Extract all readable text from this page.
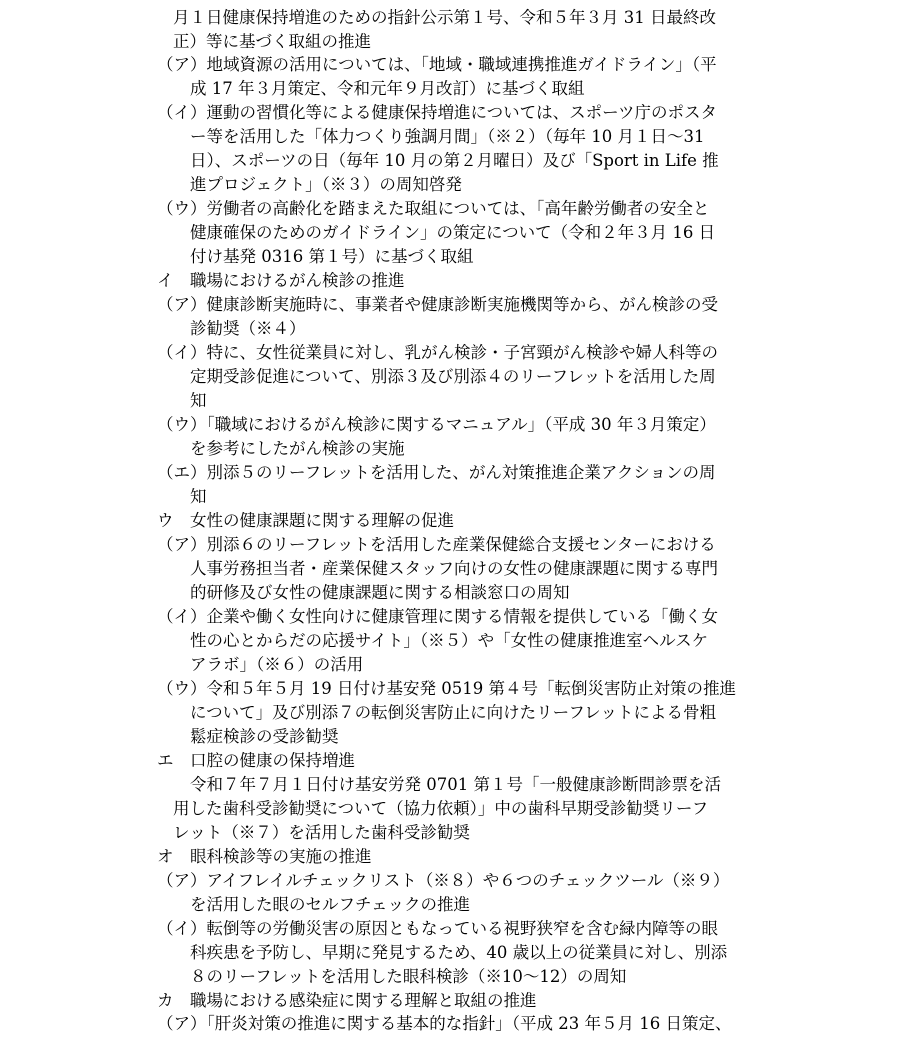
月１日健康保持増進のための指針公示第１号、令和５年３月 31 日最終改
正）等に基づく取組の推進
（ア）地域資源の活用については、「地域・職域連携推進ガイドライン」（平
成 17 年３月策定、令和元年９月改訂）に基づく取組
（イ）運動の習慣化等による健康保持増進については、スポーツ庁のポスタ
ー等を活用した「体力つくり強調月間」（※２）（毎年 10 月１日～31
日）、スポーツの日（毎年 10 月の第２月曜日）及び「Sport in Life 推
進プロジェクト」（※３）の周知啓発
（ウ）労働者の高齢化を踏まえた取組については、「高年齢労働者の安全と
健康確保のためのガイドライン」の策定について（令和２年３月 16 日
付け基発 0316 第１号）に基づく取組
イ　職場におけるがん検診の推進
（ア）健康診断実施時に、事業者や健康診断実施機関等から、がん検診の受
診勧奨（※４）
（イ）特に、女性従業員に対し、乳がん検診・子宮頸がん検診や婦人科等の
定期受診促進について、別添３及び別添４のリーフレットを活用した周
知
（ウ）「職域におけるがん検診に関するマニュアル」（平成 30 年３月策定）
を参考にしたがん検診の実施
（エ）別添５のリーフレットを活用した、がん対策推進企業アクションの周
知
ウ　女性の健康課題に関する理解の促進
（ア）別添６のリーフレットを活用した産業保健総合支援センターにおける
人事労務担当者・産業保健スタッフ向けの女性の健康課題に関する専門
的研修及び女性の健康課題に関する相談窓口の周知
（イ）企業や働く女性向けに健康管理に関する情報を提供している「働く女
性の心とからだの応援サイト」（※５）や「女性の健康推進室ヘルスケ
アラボ」（※６）の活用
（ウ）令和５年５月 19 日付け基安発 0519 第４号「転倒災害防止対策の推進
について」及び別添７の転倒災害防止に向けたリーフレットによる骨粗
鬆症検診の受診勧奨
エ　口腔の健康の保持増進
令和７年７月１日付け基安労発 0701 第１号「一般健康診断問診票を活
用した歯科受診勧奨について（協力依頼）」中の歯科早期受診勧奨リーフ
レット（※７）を活用した歯科受診勧奨
オ　眼科検診等の実施の推進
（ア）アイフレイルチェックリスト（※８）や６つのチェックツール（※９）
を活用した眼のセルフチェックの推進
（イ）転倒等の労働災害の原因ともなっている視野狭窄を含む緑内障等の眼
科疾患を予防し、早期に発見するため、40 歳以上の従業員に対し、別添
８のリーフレットを活用した眼科検診（※10～12）の周知
カ　職場における感染症に関する理解と取組の推進
（ア）「肝炎対策の推進に関する基本的な指針」（平成 23 年５月 16 日策定、
